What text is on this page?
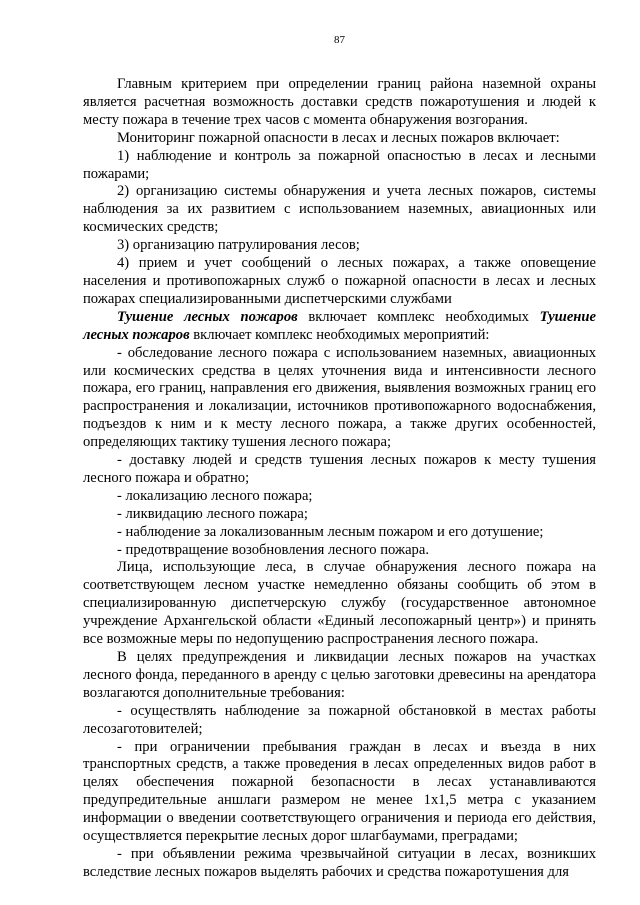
87

Главным критерием при определении границ района наземной охраны является расчетная возможность доставки средств пожаротушения и людей к месту пожара в течение трех часов с момента обнаружения возгорания.

Мониторинг пожарной опасности в лесах и лесных пожаров включает:

1) наблюдение и контроль за пожарной опасностью в лесах и лесными пожарами;

2) организацию системы обнаружения и учета лесных пожаров, системы наблюдения за их развитием с использованием наземных, авиационных или космических средств;

3) организацию патрулирования лесов;

4) прием и учет сообщений о лесных пожарах, а также оповещение населения и противопожарных служб о пожарной опасности в лесах и лесных пожарах специализированными диспетчерскими службами

Тушение лесных пожаров включает комплекс необходимых Тушение лесных пожаров включает комплекс необходимых мероприятий:

- обследование лесного пожара с использованием наземных, авиационных или космических средства в целях уточнения вида и интенсивности лесного пожара, его границ, направления его движения, выявления возможных границ его распространения и локализации, источников противопожарного водоснабжения, подъездов к ним и к месту лесного пожара, а также других особенностей, определяющих тактику тушения лесного пожара;

- доставку людей и средств тушения лесных пожаров к месту тушения лесного пожара и обратно;

- локализацию лесного пожара;

- ликвидацию лесного пожара;

- наблюдение за локализованным лесным пожаром и его дотушение;

- предотвращение возобновления лесного пожара.

Лица, использующие леса, в случае обнаружения лесного пожара на соответствующем лесном участке немедленно обязаны сообщить об этом в специализированную диспетчерскую службу (государственное автономное учреждение Архангельской области «Единый лесопожарный центр») и принять все возможные меры по недопущению распространения лесного пожара.

В целях предупреждения и ликвидации лесных пожаров на участках лесного фонда, переданного в аренду с целью заготовки древесины на арендатора возлагаются дополнительные требования:

- осуществлять наблюдение за пожарной обстановкой в местах работы лесозаготовителей;

- при ограничении пребывания граждан в лесах и въезда в них транспортных средств, а также проведения в лесах определенных видов работ в целях обеспечения пожарной безопасности в лесах устанавливаются предупредительные аншлаги размером не менее 1х1,5 метра с указанием информации о введении соответствующего ограничения и периода его действия, осуществляется перекрытие лесных дорог шлагбаумами, преградами;

- при объявлении режима чрезвычайной ситуации в лесах, возникших вследствие лесных пожаров выделять рабочих и средства пожаротушения для
